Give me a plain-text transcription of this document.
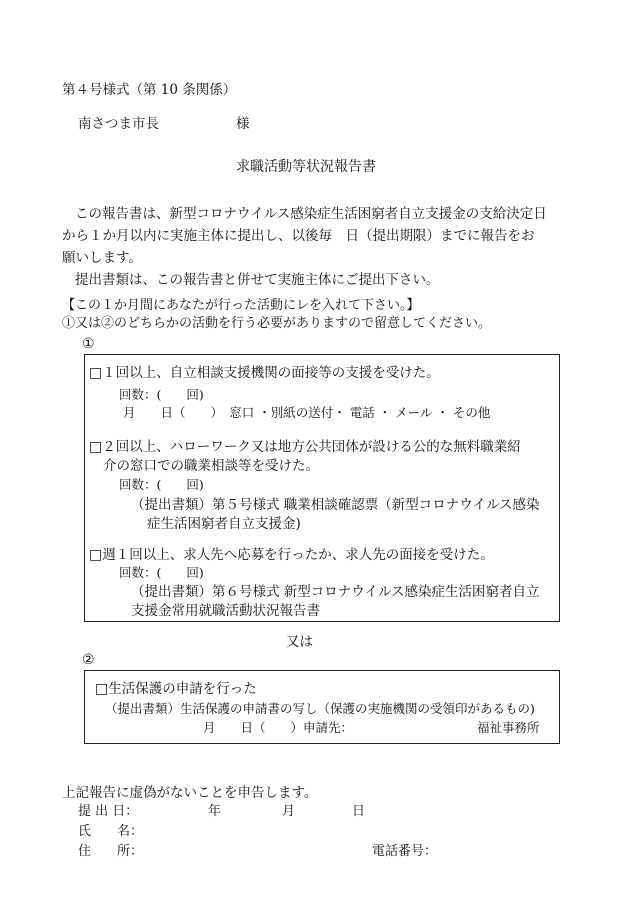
第４号様式（第 10 条関係）
南さつま市長	様
求職活動等状況報告書
この報告書は、新型コロナウイルス感染症生活困窮者自立支援金の支給決定日
から１か月以内に実施主体に提出し、以後毎　日（提出期限）までに報告をお
願いします。
提出書類は、この報告書と併せて実施主体にご提出下さい。
【この１か月間にあなたが行った活動にレを入れて下さい。】
①又は②のどちらかの活動を行う必要がありますので留意してください。
①
□１回以上、自立相談支援機関の面接等の支援を受けた。
回数：(　　回)
月　　日（　　）　窓口 ・別紙の送付・ 電話 ・ メール ・ その他
□２回以上、ハローワーク又は地方公共団体が設ける公的な無料職業紹
介の窓口での職業相談等を受けた。
回数：(　　回)
（提出書類）第５号様式 職業相談確認票（新型コロナウイルス感染
症生活困窮者自立支援金)
□週１回以上、求人先へ応募を行ったか、求人先の面接を受けた。
回数：(　　回)
（提出書類）第６号様式 新型コロナウイルス感染症生活困窮者自立
支援金常用就職活動状況報告書
又は
②
□生活保護の申請を行った
（提出書類）生活保護の申請書の写し（保護の実施機関の受領印があるもの)
月　　日（　　）申請先：	福祉事務所
上記報告に虚偽がないことを申告します。
提 出 日：	年	月	日
氏　　名：
住　　所：	電話番号：
